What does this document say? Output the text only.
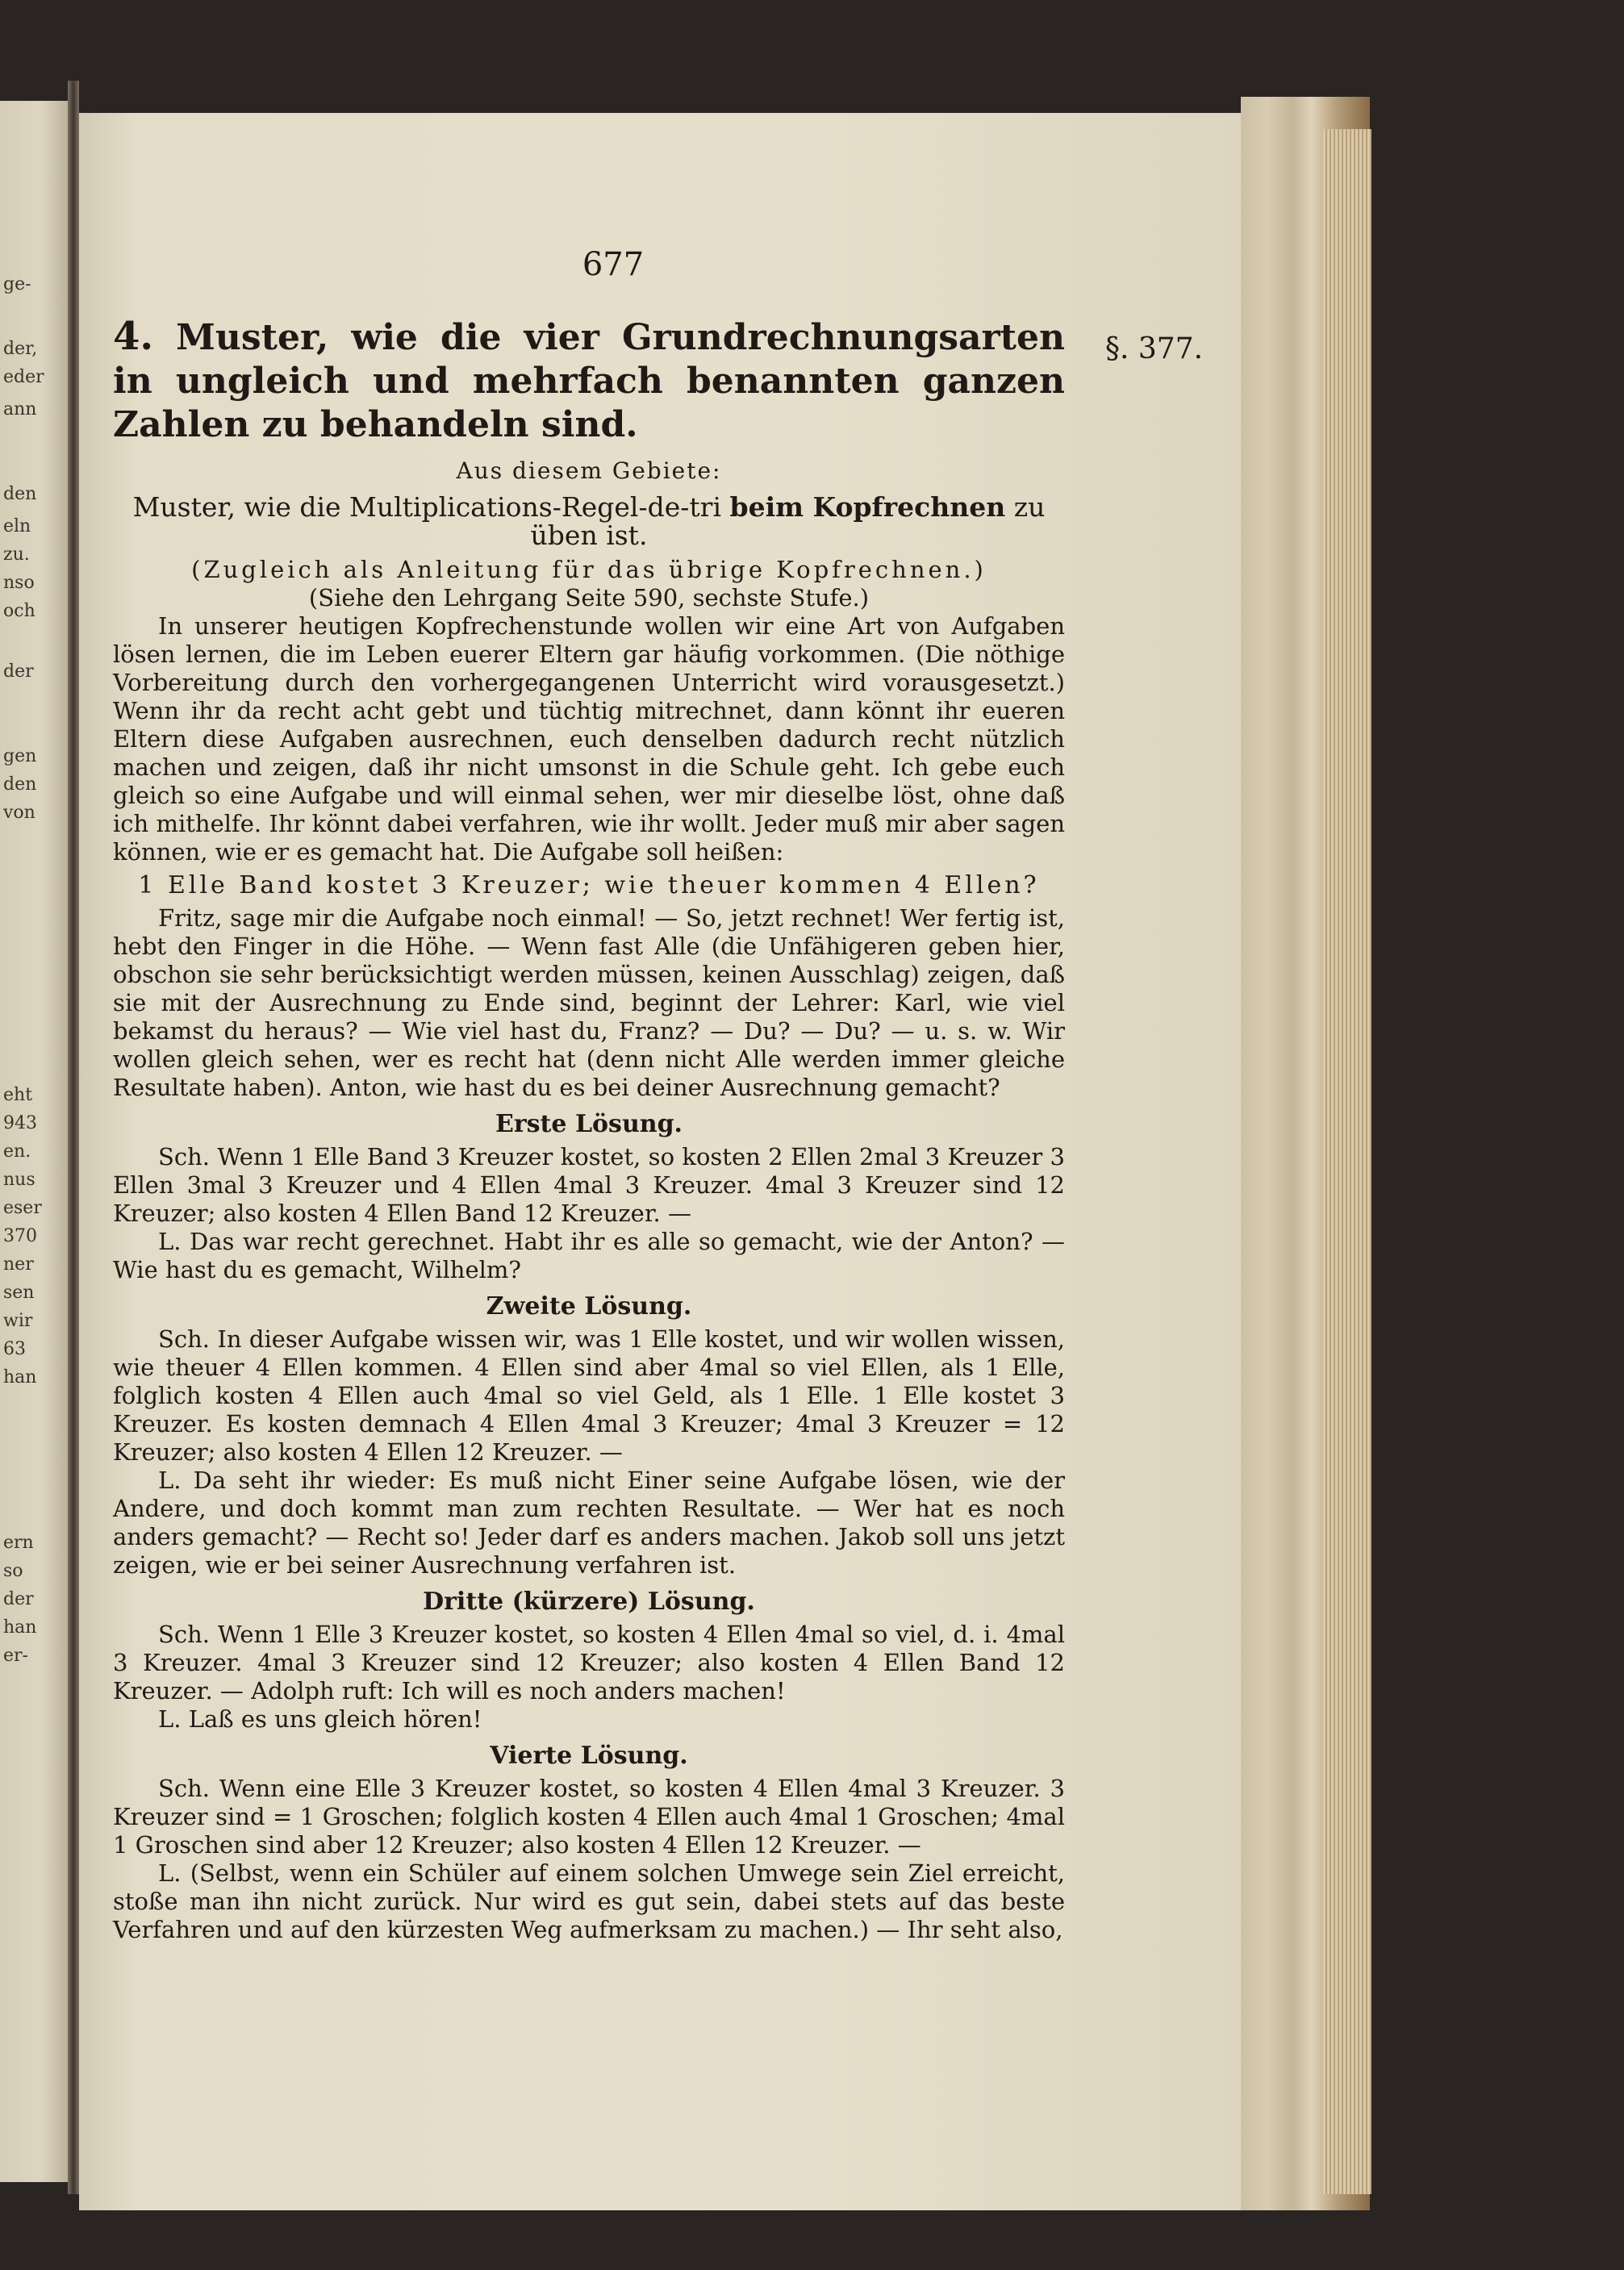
ge-
der,
eder
ann
den
eln
zu.
nso
och
der
gen
den
von
eht
943
en.
nus
eser
370
ner
sen
wir
63
han
ern
so
der
han
er-
677
§. 377.
4. Muster, wie die vier Grundrechnungsarten in ungleich und mehrfach benannten ganzen Zahlen zu behandeln sind.
Aus diesem Gebiete:
Muster, wie die Multiplications-Regel-de-tri beim Kopfrechnen zu üben ist.
(Zugleich als Anleitung für das übrige Kopfrechnen.)
(Siehe den Lehrgang Seite 590, sechste Stufe.)

In unserer heutigen Kopfrechenstunde wollen wir eine Art von Aufgaben lösen lernen, die im Leben euerer Eltern gar häufig vorkommen. (Die nöthige Vorbereitung durch den vorhergegangenen Unterricht wird vorausgesetzt.) Wenn ihr da recht acht gebt und tüchtig mitrechnet, dann könnt ihr eueren Eltern diese Aufgaben ausrechnen, euch denselben dadurch recht nützlich machen und zeigen, daß ihr nicht umsonst in die Schule geht. Ich gebe euch gleich so eine Aufgabe und will einmal sehen, wer mir dieselbe löst, ohne daß ich mithelfe. Ihr könnt dabei verfahren, wie ihr wollt. Jeder muß mir aber sagen können, wie er es gemacht hat. Die Aufgabe soll heißen:

1 Elle Band kostet 3 Kreuzer; wie theuer kommen 4 Ellen?

Fritz, sage mir die Aufgabe noch einmal! — So, jetzt rechnet! Wer fertig ist, hebt den Finger in die Höhe. — Wenn fast Alle (die Unfähigeren geben hier, obschon sie sehr berücksichtigt werden müssen, keinen Ausschlag) zeigen, daß sie mit der Ausrechnung zu Ende sind, beginnt der Lehrer: Karl, wie viel bekamst du heraus? — Wie viel hast du, Franz? — Du? — Du? — u. s. w. Wir wollen gleich sehen, wer es recht hat (denn nicht Alle werden immer gleiche Resultate haben). Anton, wie hast du es bei deiner Ausrechnung gemacht?

Erste Lösung.

Sch. Wenn 1 Elle Band 3 Kreuzer kostet, so kosten 2 Ellen 2mal 3 Kreuzer 3 Ellen 3mal 3 Kreuzer und 4 Ellen 4mal 3 Kreuzer. 4mal 3 Kreuzer sind 12 Kreuzer; also kosten 4 Ellen Band 12 Kreuzer. —

L. Das war recht gerechnet. Habt ihr es alle so gemacht, wie der Anton? — Wie hast du es gemacht, Wilhelm?

Zweite Lösung.

Sch. In dieser Aufgabe wissen wir, was 1 Elle kostet, und wir wollen wissen, wie theuer 4 Ellen kommen. 4 Ellen sind aber 4mal so viel Ellen, als 1 Elle, folglich kosten 4 Ellen auch 4mal so viel Geld, als 1 Elle. 1 Elle kostet 3 Kreuzer. Es kosten demnach 4 Ellen 4mal 3 Kreuzer; 4mal 3 Kreuzer = 12 Kreuzer; also kosten 4 Ellen 12 Kreuzer. —

L. Da seht ihr wieder: Es muß nicht Einer seine Aufgabe lösen, wie der Andere, und doch kommt man zum rechten Resultate. — Wer hat es noch anders gemacht? — Recht so! Jeder darf es anders machen. Jakob soll uns jetzt zeigen, wie er bei seiner Ausrechnung verfahren ist.

Dritte (kürzere) Lösung.

Sch. Wenn 1 Elle 3 Kreuzer kostet, so kosten 4 Ellen 4mal so viel, d. i. 4mal 3 Kreuzer. 4mal 3 Kreuzer sind 12 Kreuzer; also kosten 4 Ellen Band 12 Kreuzer. — Adolph ruft: Ich will es noch anders machen!

L. Laß es uns gleich hören!

Vierte Lösung.

Sch. Wenn eine Elle 3 Kreuzer kostet, so kosten 4 Ellen 4mal 3 Kreuzer. 3 Kreuzer sind = 1 Groschen; folglich kosten 4 Ellen auch 4mal 1 Groschen; 4mal 1 Groschen sind aber 12 Kreuzer; also kosten 4 Ellen 12 Kreuzer. —

L. (Selbst, wenn ein Schüler auf einem solchen Umwege sein Ziel erreicht, stoße man ihn nicht zurück. Nur wird es gut sein, dabei stets auf das beste Verfahren und auf den kürzesten Weg aufmerksam zu machen.) — Ihr seht also,
